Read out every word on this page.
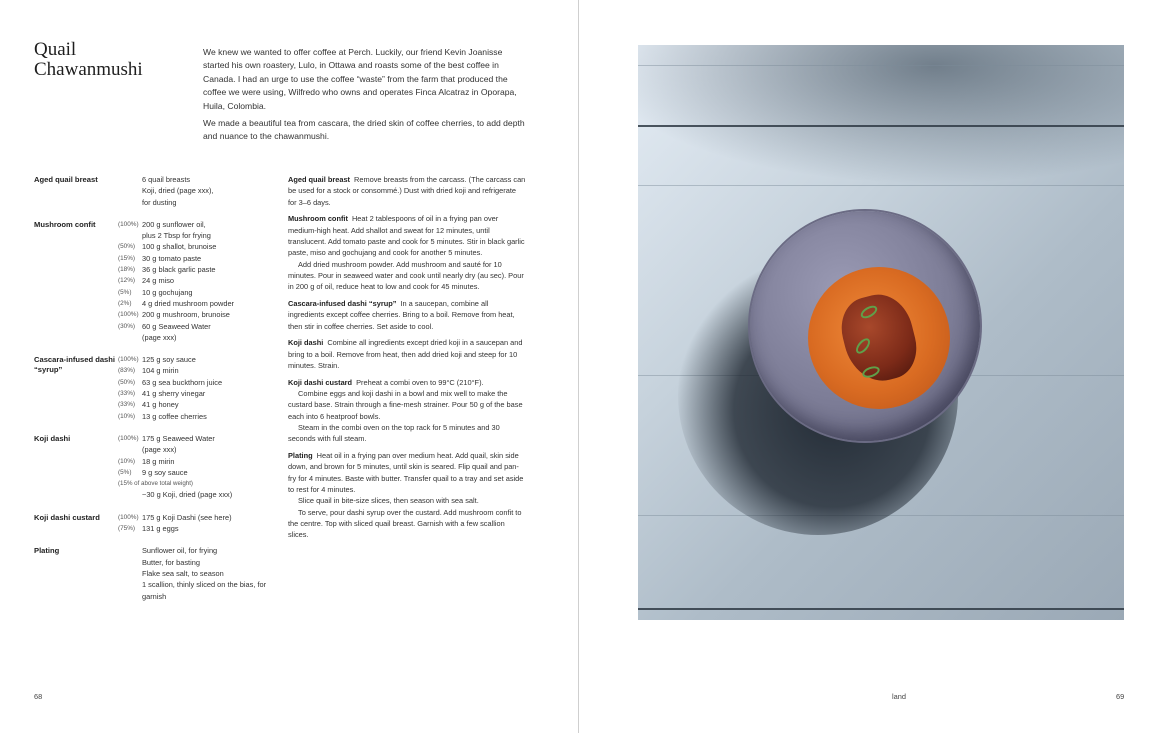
Quail
Chawanmushi

We knew we wanted to offer coffee at Perch. Luckily, our friend Kevin Joanisse started his own roastery, Lulo, in Ottawa and roasts some of the best coffee in Canada. I had an urge to use the coffee “waste” from the farm that produced the coffee we were using, Wilfredo who owns and operates Finca Alcatraz in Oporapa, Huila, Colombia.

We made a beautiful tea from cascara, the dried skin of coffee cherries, to add depth and nuance to the chawanmushi.

Aged quail breast	6 quail breasts
Koji, dried (page xxx),
for dusting
Mushroom confit	(100%) 200 g sunflower oil,
plus 2 Tbsp for frying
(50%) 100 g shallot, brunoise
(15%) 30 g tomato paste
(18%) 36 g black garlic paste
(12%) 24 g miso
(5%)	10 g gochujang
(2%)	4 g dried mushroom powder
(100%) 200 g mushroom, brunoise
(30%) 60 g Seaweed Water
(page xxx)
Cascara-infused dashi “syrup”
(100%) 125 g soy sauce
(83%) 104 g mirin
(50%) 63 g sea buckthorn juice
(33%) 41 g sherry vinegar
(33%) 41 g honey
(10%) 13 g coffee cherries
Koji dashi	(100%) 175 g Seaweed Water
(page xxx)
(10%) 18 g mirin
(5%)	9 g soy sauce
(15% of above total weight)
~30 g Koji, dried (page xxx)
Koji dashi custard	(100%) 175 g Koji Dashi (see here)
(75%) 131 g eggs
Plating	Sunflower oil, for frying
Butter, for basting
Flake sea salt, to season
1 scallion, thinly sliced on the bias, for garnish
Aged quail breast Remove breasts from the carcass. (The carcass can be used for a stock or consommé.) Dust with dried koji and refrigerate for 3–6 days.
Mushroom confit Heat 2 tablespoons of oil in a frying pan over medium-high heat. Add shallot and sweat for 12 minutes, until translucent. Add tomato paste and cook for 5 minutes. Stir in black garlic paste, miso and gochujang and cook for another 5 minutes.
Add dried mushroom powder. Add mushroom and sauté for 10 minutes. Pour in seaweed water and cook until nearly dry (au sec). Pour in 200 g of oil, reduce heat to low and cook for 45 minutes.
Cascara-infused dashi “syrup” In a saucepan, combine all ingredients except coffee cherries. Bring to a boil. Remove from heat, then stir in coffee cherries. Set aside to cool.
Koji dashi Combine all ingredients except dried koji in a saucepan and bring to a boil. Remove from heat, then add dried koji and steep for 10 minutes. Strain.
Koji dashi custard Preheat a combi oven to 99°C (210°F).
Combine eggs and koji dashi in a bowl and mix well to make the custard base. Strain through a fine-mesh strainer. Pour 50 g of the base each into 6 heatproof bowls.
Steam in the combi oven on the top rack for 5 minutes and 30 seconds with full steam.
Plating Heat oil in a frying pan over medium heat. Add quail, skin side down, and brown for 5 minutes, until skin is seared. Flip quail and pan-fry for 4 minutes. Baste with butter. Transfer quail to a tray and set aside to rest for 4 minutes.
Slice quail in bite-size slices, then season with sea salt.
To serve, pour dashi syrup over the custard. Add mushroom confit to the centre. Top with sliced quail breast. Garnish with a few scallion slices.
68	land	69
